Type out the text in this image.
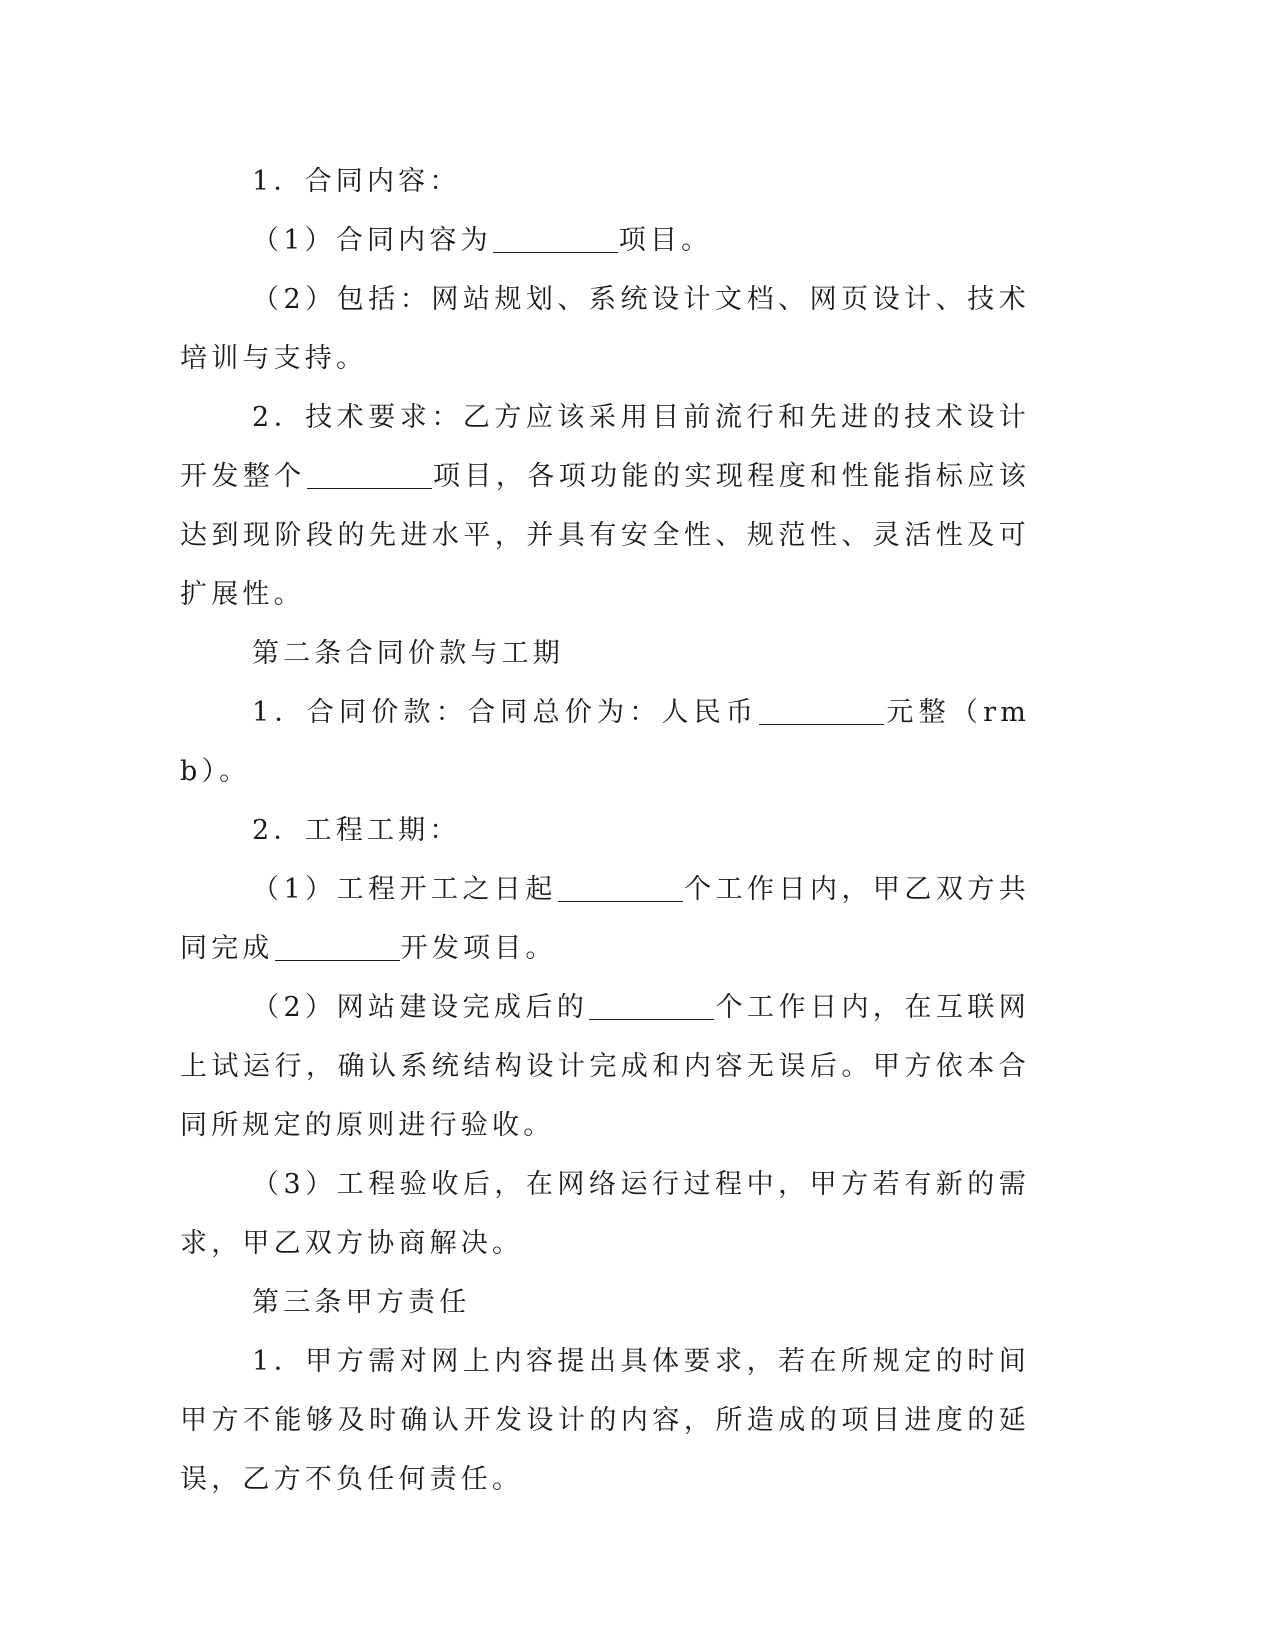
1．合同内容：

（1）合同内容为	项目。

（2）包括：网站规划、系统设计文档、网页设计、技术培训与支持。

2．技术要求：乙方应该采用目前流行和先进的技术设计开发整个	项目，各项功能的实现程度和性能指标应该达到现阶段的先进水平，并具有安全性、规范性、灵活性及可扩展性。

第二条合同价款与工期

1．合同价款：合同总价为：人民币	元整（rmb）。

2．工程工期：

（1）工程开工之日起	个工作日内，甲乙双方共同完成	开发项目。

（2）网站建设完成后的	个工作日内，在互联网上试运行，确认系统结构设计完成和内容无误后。甲方依本合同所规定的原则进行验收。

（3）工程验收后，在网络运行过程中，甲方若有新的需求，甲乙双方协商解决。

第三条甲方责任

1．甲方需对网上内容提出具体要求，若在所规定的时间甲方不能够及时确认开发设计的内容，所造成的项目进度的延误，乙方不负任何责任。
